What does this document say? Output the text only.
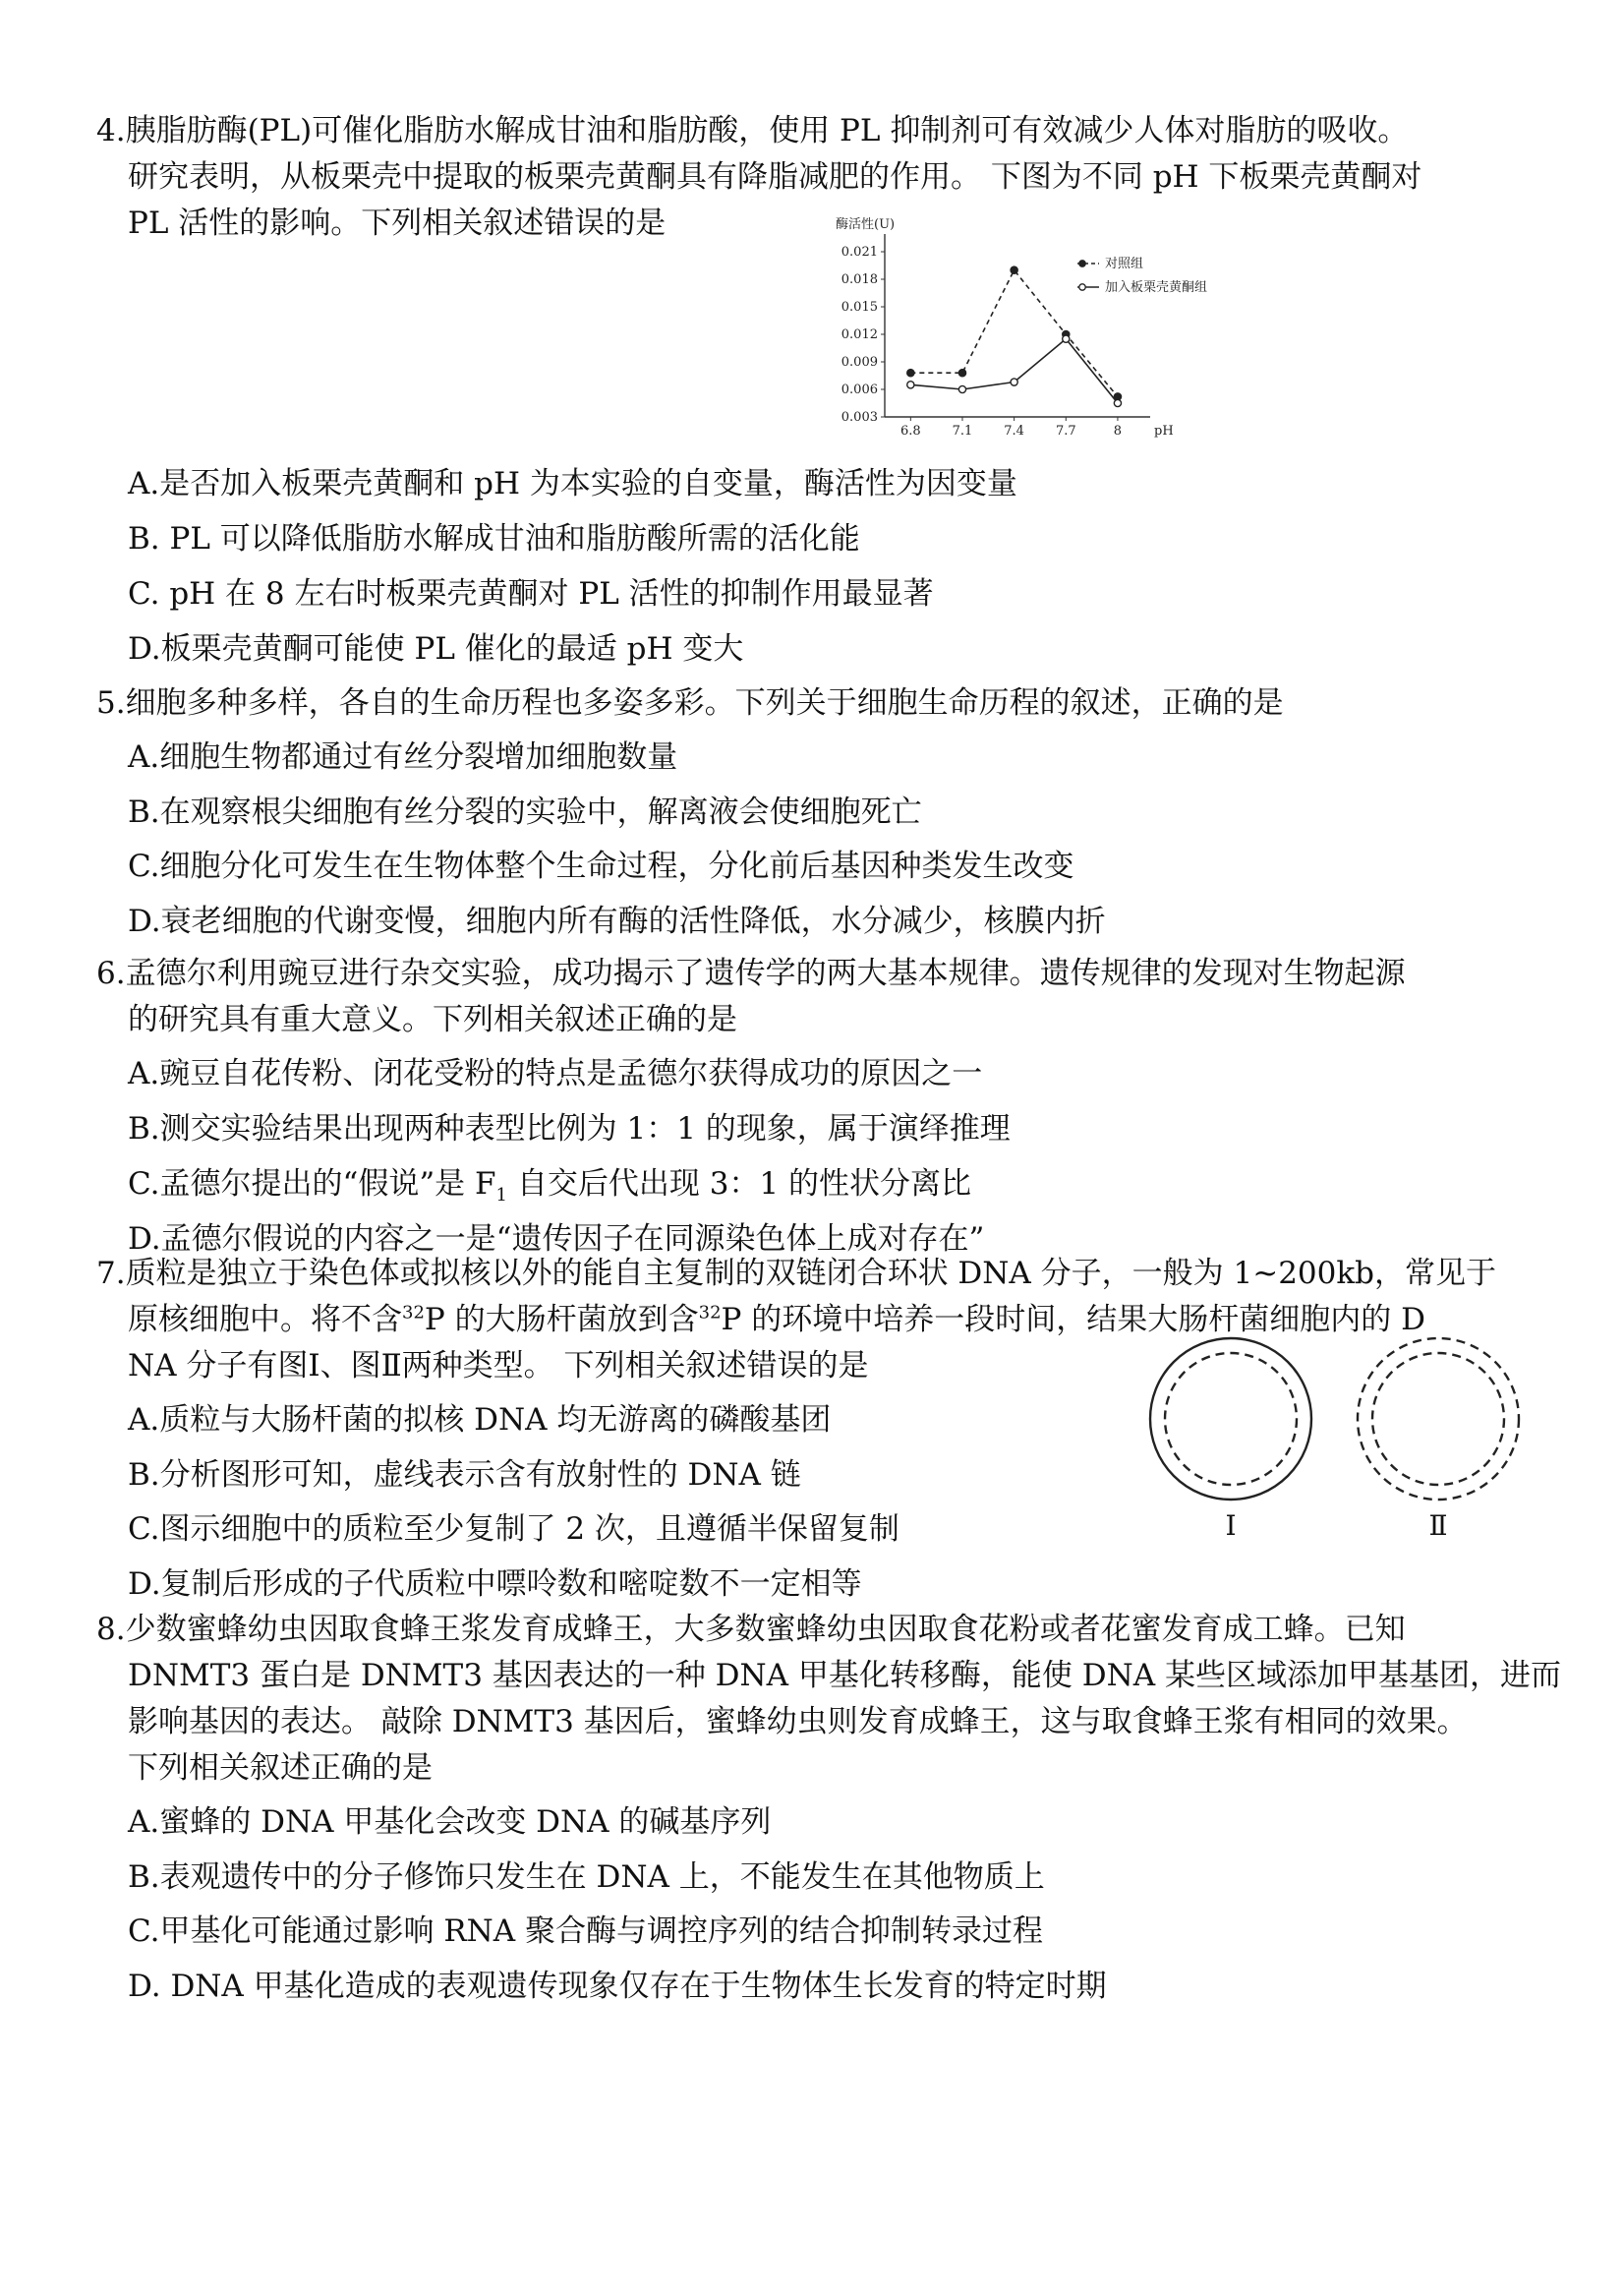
4.胰脂肪酶(PL)可催化脂肪水解成甘油和脂肪酸，使用 PL 抑制剂可有效减少人体对脂肪的吸收。
研究表明，从板栗壳中提取的板栗壳黄酮具有降脂减肥的作用。 下图为不同 pH 下板栗壳黄酮对
PL 活性的影响。下列相关叙述错误的是	酶活性(U)
0.003
0.006
0.009
0.012
0.015
0.018
0.021
6.8 7.1 7.4 7.7	8	pH
对照组
加入板栗壳黄酮组
A.是否加入板栗壳黄酮和 pH 为本实验的自变量，酶活性为因变量
B. PL 可以降低脂肪水解成甘油和脂肪酸所需的活化能
C. pH 在 8 左右时板栗壳黄酮对 PL 活性的抑制作用最显著
D.板栗壳黄酮可能使 PL 催化的最适 pH 变大
5.细胞多种多样，各自的生命历程也多姿多彩。下列关于细胞生命历程的叙述，正确的是
A.细胞生物都通过有丝分裂增加细胞数量
B.在观察根尖细胞有丝分裂的实验中，解离液会使细胞死亡
C.细胞分化可发生在生物体整个生命过程，分化前后基因种类发生改变
D.衰老细胞的代谢变慢，细胞内所有酶的活性降低，水分减少，核膜内折
6.孟德尔利用豌豆进行杂交实验，成功揭示了遗传学的两大基本规律。遗传规律的发现对生物起源
的研究具有重大意义。下列相关叙述正确的是
A.豌豆自花传粉、闭花受粉的特点是孟德尔获得成功的原因之一
B.测交实验结果出现两种表型比例为 1：1 的现象，属于演绎推理
C.孟德尔提出的“假说”是 $F_1$ 自交后代出现 3：1 的性状分离比
D.孟德尔假说的内容之一是“遗传因子在同源染色体上成对存在”
7.质粒是独立于染色体或拟核以外的能自主复制的双链闭合环状 DNA 分子，一般为 1~200kb，常见于
原核细胞中。将不含$^{32}$P 的大肠杆菌放到含$^{32}$P 的环境中培养一段时间，结果大肠杆菌细胞内的 D
NA 分子有图Ⅰ、图Ⅱ两种类型。 下列相关叙述错误的是
I	Ⅱ
A.质粒与大肠杆菌的拟核 DNA 均无游离的磷酸基团
B.分析图形可知，虚线表示含有放射性的 DNA 链
C.图示细胞中的质粒至少复制了 2 次，且遵循半保留复制
D.复制后形成的子代质粒中嘌呤数和嘧啶数不一定相等
8.少数蜜蜂幼虫因取食蜂王浆发育成蜂王，大多数蜜蜂幼虫因取食花粉或者花蜜发育成工蜂。已知
DNMT3 蛋白是 DNMT3 基因表达的一种 DNA 甲基化转移酶，能使 DNA 某些区域添加甲基基团，进而
影响基因的表达。 敲除 DNMT3 基因后，蜜蜂幼虫则发育成蜂王，这与取食蜂王浆有相同的效果。
下列相关叙述正确的是
A.蜜蜂的 DNA 甲基化会改变 DNA 的碱基序列
B.表观遗传中的分子修饰只发生在 DNA 上，不能发生在其他物质上
C.甲基化可能通过影响 RNA 聚合酶与调控序列的结合抑制转录过程
D. DNA 甲基化造成的表观遗传现象仅存在于生物体生长发育的特定时期
